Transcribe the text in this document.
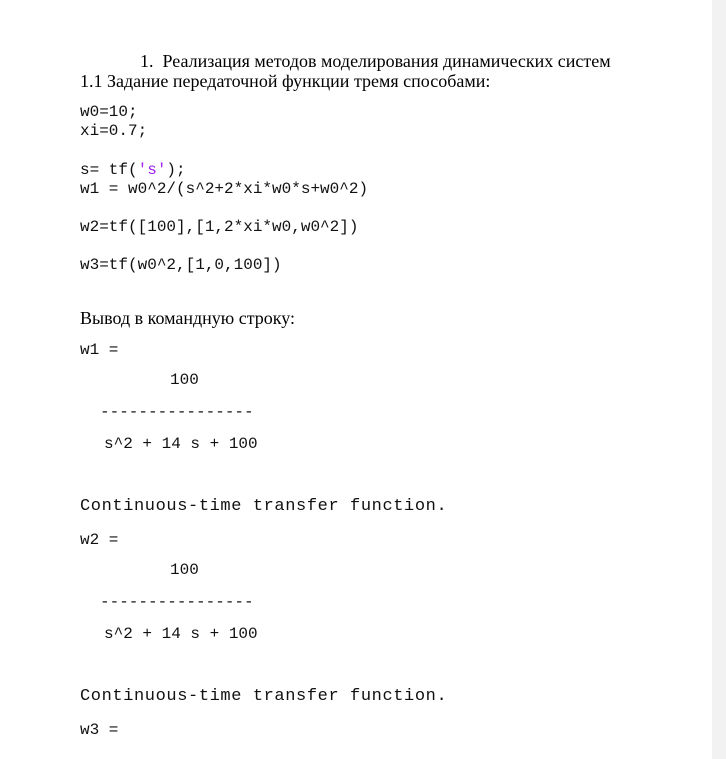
1. Реализация методов моделирования динамических систем

1.1 Задание передаточной функции тремя способами:
w0=10;
xi=0.7;
s= tf('s');
w1 = w0^2/(s^2+2*xi*w0*s+w0^2)
w2=tf([100],[1,2*xi*w0,w0^2])
w3=tf(w0^2,[1,0,100])
Вывод в командную строку:
w1 =
100
----------------
s^2 + 14 s + 100
Continuous-time transfer function.
w2 =
100
----------------
s^2 + 14 s + 100
Continuous-time transfer function.
w3 =
